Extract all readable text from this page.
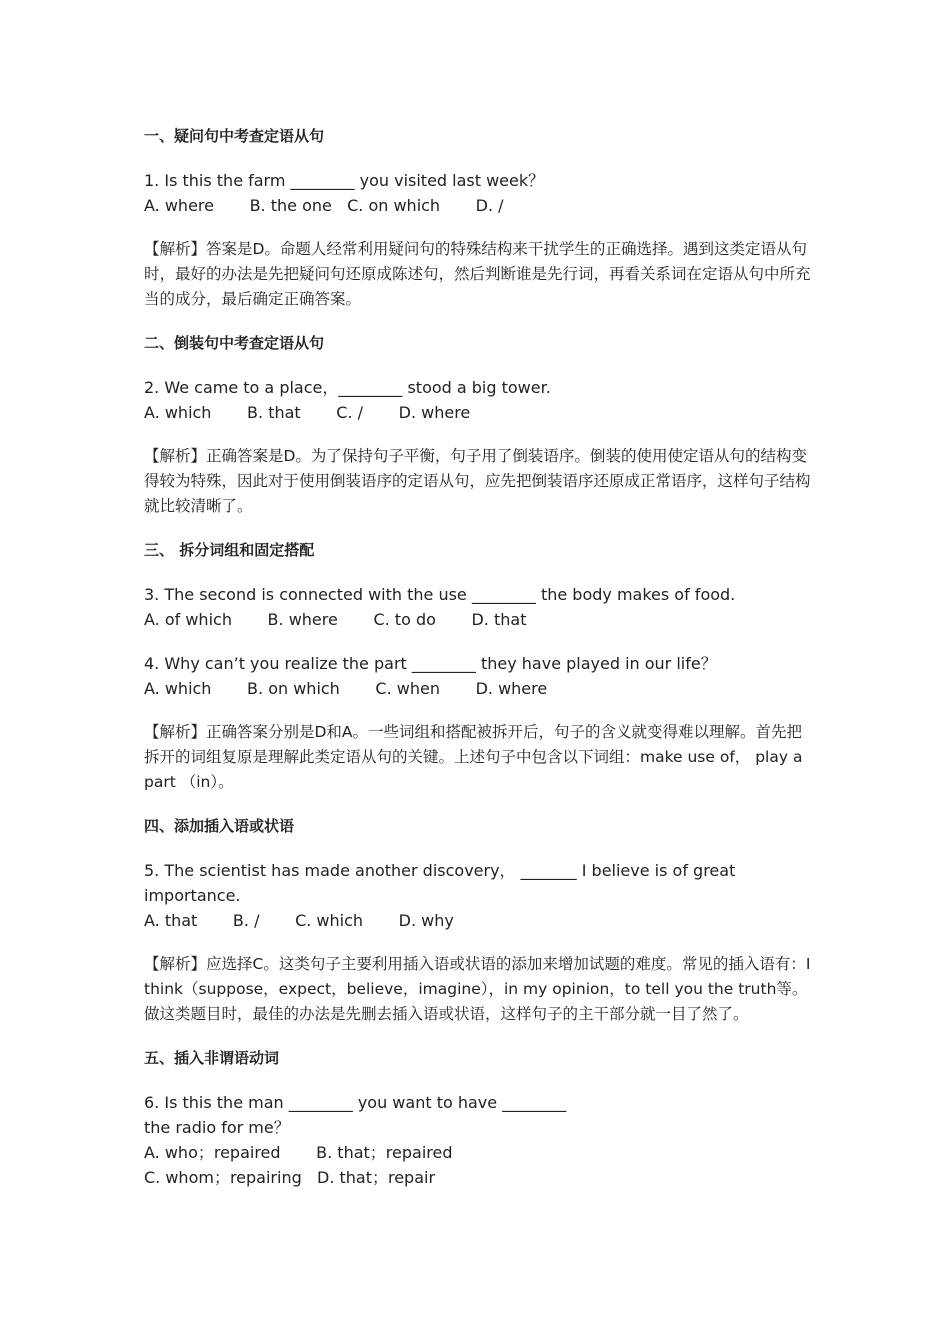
一、疑问句中考查定语从句
1. Is this the farm ________ you visited last week？
A. where       B. the one   C. on which       D. /
【解析】答案是D。命题人经常利用疑问句的特殊结构来干扰学生的正确选择。遇到这类定语从句时，最好的办法是先把疑问句还原成陈述句，然后判断谁是先行词，再看关系词在定语从句中所充当的成分，最后确定正确答案。
二、倒装句中考查定语从句
2. We came to a place，________ stood a big tower.
A. which       B. that       C. /       D. where
【解析】正确答案是D。为了保持句子平衡，句子用了倒装语序。倒装的使用使定语从句的结构变得较为特殊，因此对于使用倒装语序的定语从句，应先把倒装语序还原成正常语序，这样句子结构就比较清晰了。
三、 拆分词组和固定搭配
3. The second is connected with the use ________ the body makes of food.
A. of which       B. where       C. to do       D. that
4. Why can’t you realize the part ________ they have played in our life？
A. which       B. on which       C. when       D. where
【解析】正确答案分别是D和A。一些词组和搭配被拆开后，句子的含义就变得难以理解。首先把拆开的词组复原是理解此类定语从句的关键。上述句子中包含以下词组：make use of， play a part （in）。
四、添加插入语或状语
5. The scientist has made another discovery， _______ I believe is of great importance.
A. that       B. /       C. which       D. why
【解析】应选择C。这类句子主要利用插入语或状语的添加来增加试题的难度。常见的插入语有：I think（suppose，expect，believe，imagine），in my opinion，to tell you the truth等。做这类题目时，最佳的办法是先删去插入语或状语，这样句子的主干部分就一目了然了。
五、插入非谓语动词
6. Is this the man ________ you want to have ________
the radio for me？
A. who；repaired       B. that；repaired
C. whom；repairing   D. that；repair
